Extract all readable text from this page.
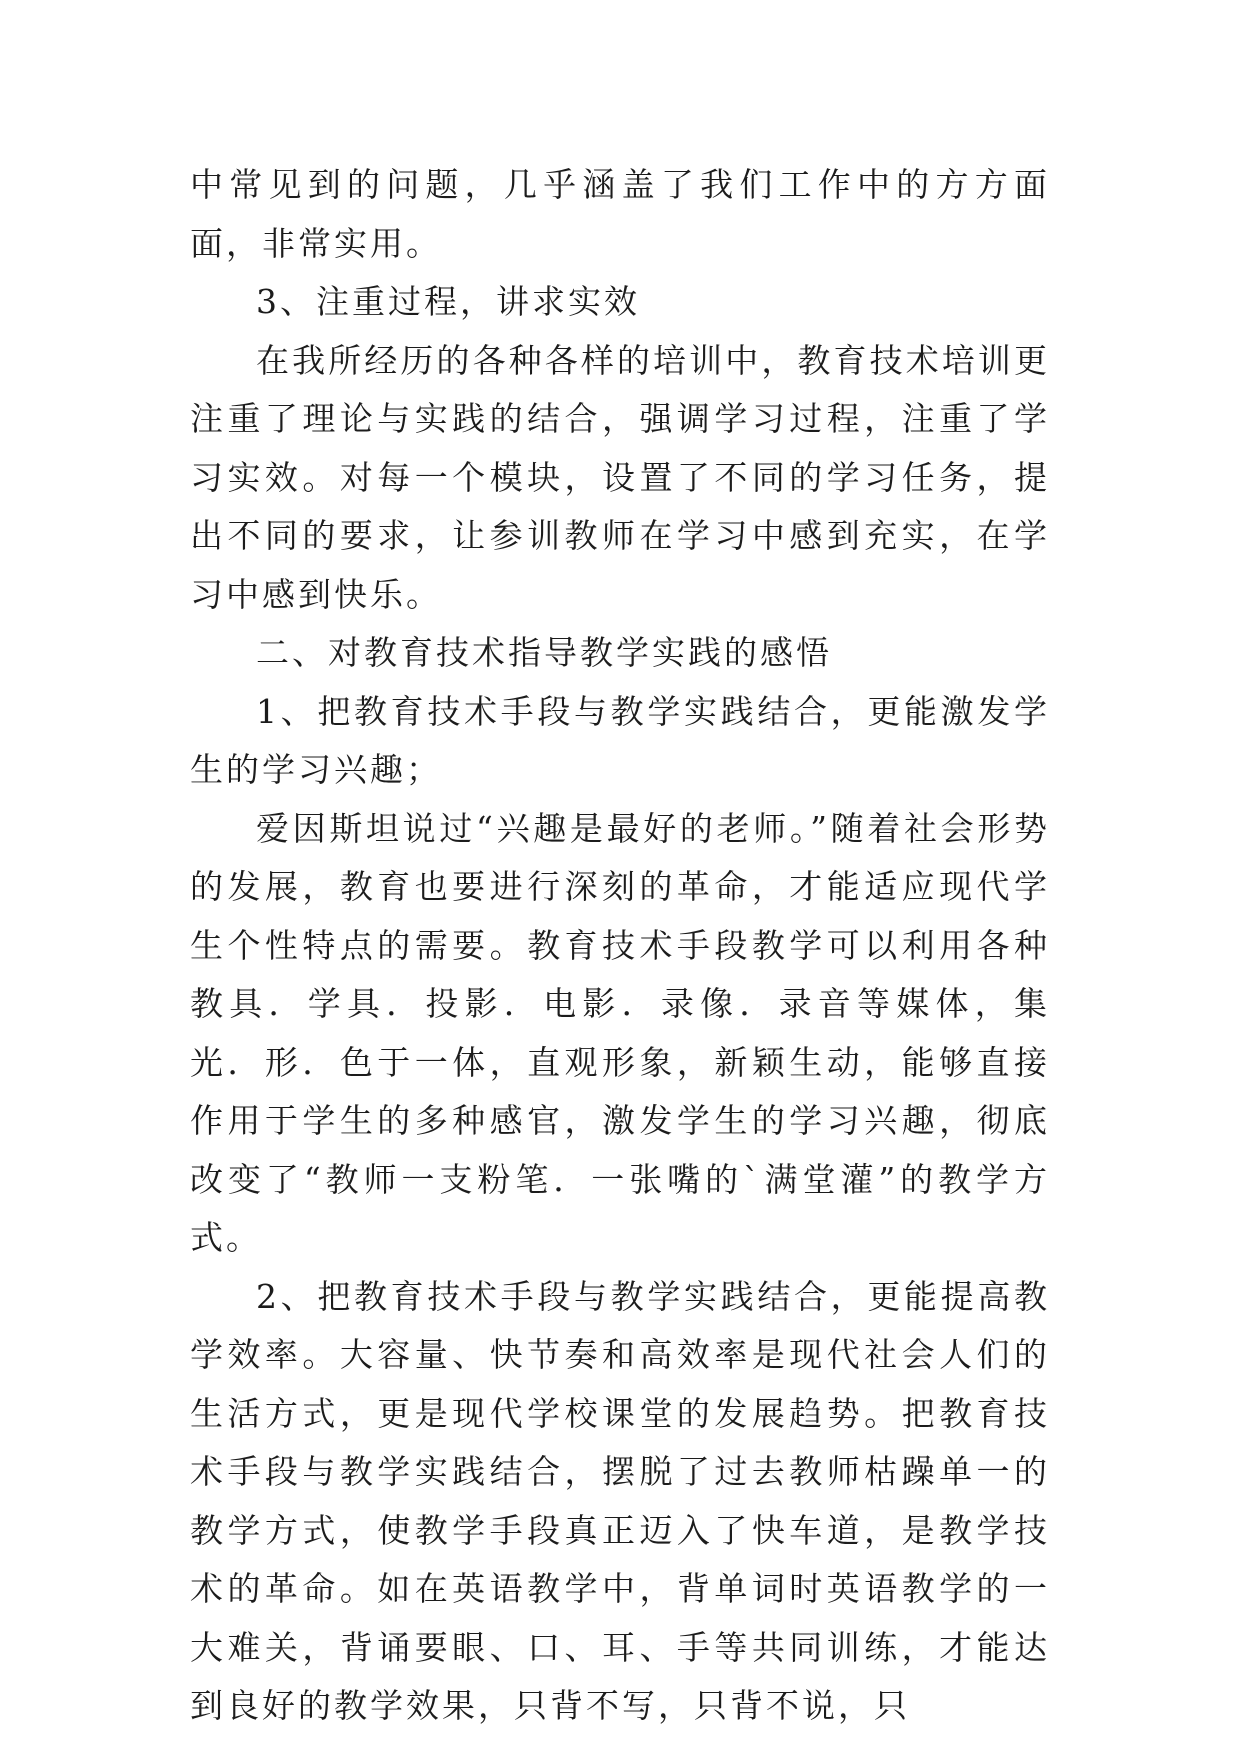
中常见到的问题，几乎涵盖了我们工作中的方方面面，非常实用。

3、注重过程，讲求实效

在我所经历的各种各样的培训中，教育技术培训更注重了理论与实践的结合，强调学习过程，注重了学习实效。对每一个模块，设置了不同的学习任务，提出不同的要求，让参训教师在学习中感到充实，在学习中感到快乐。

二、对教育技术指导教学实践的感悟

1、把教育技术手段与教学实践结合，更能激发学生的学习兴趣；

爱因斯坦说过“兴趣是最好的老师。”随着社会形势的发展，教育也要进行深刻的革命，才能适应现代学生个性特点的需要。教育技术手段教学可以利用各种教具．学具．投影．电影．录像．录音等媒体，集光．形．色于一体，直观形象，新颖生动，能够直接作用于学生的多种感官，激发学生的学习兴趣，彻底改变了“教师一支粉笔．一张嘴的`满堂灌”的教学方式。

2、把教育技术手段与教学实践结合，更能提高教学效率。大容量、快节奏和高效率是现代社会人们的生活方式，更是现代学校课堂的发展趋势。把教育技术手段与教学实践结合，摆脱了过去教师枯躁单一的教学方式，使教学手段真正迈入了快车道，是教学技术的革命。如在英语教学中，背单词时英语教学的一大难关，背诵要眼、口、耳、手等共同训练，才能达到良好的教学效果，只背不写，只背不说，只
